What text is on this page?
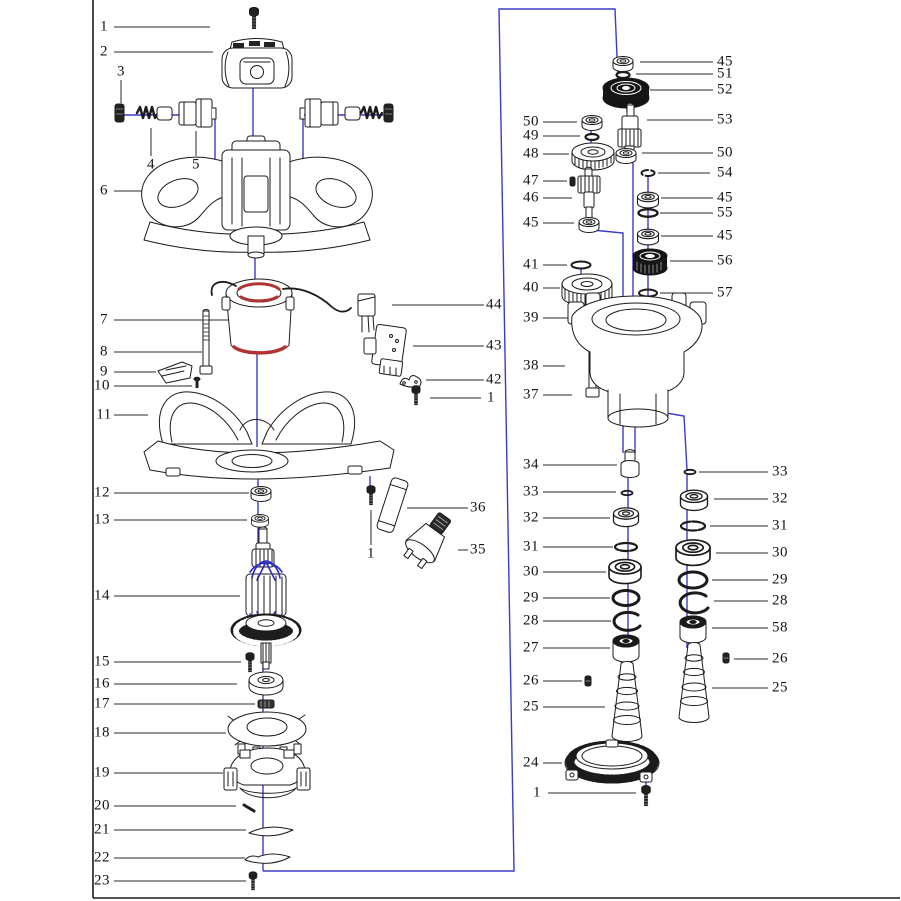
1
2
3
4 5
6
7
8
9
10
11
12
13
14
15
16
17
18
19
20
21
22
23
44
43
42
1
36
35
1
50
49
48
47
46
45
41
40
39
38
37
34
33
32
31
30
29
28
27
26
25
24
1
45
51
52
53
50
54
45
55
45
56
57
33
32
31
30
29
28
58
26
25
